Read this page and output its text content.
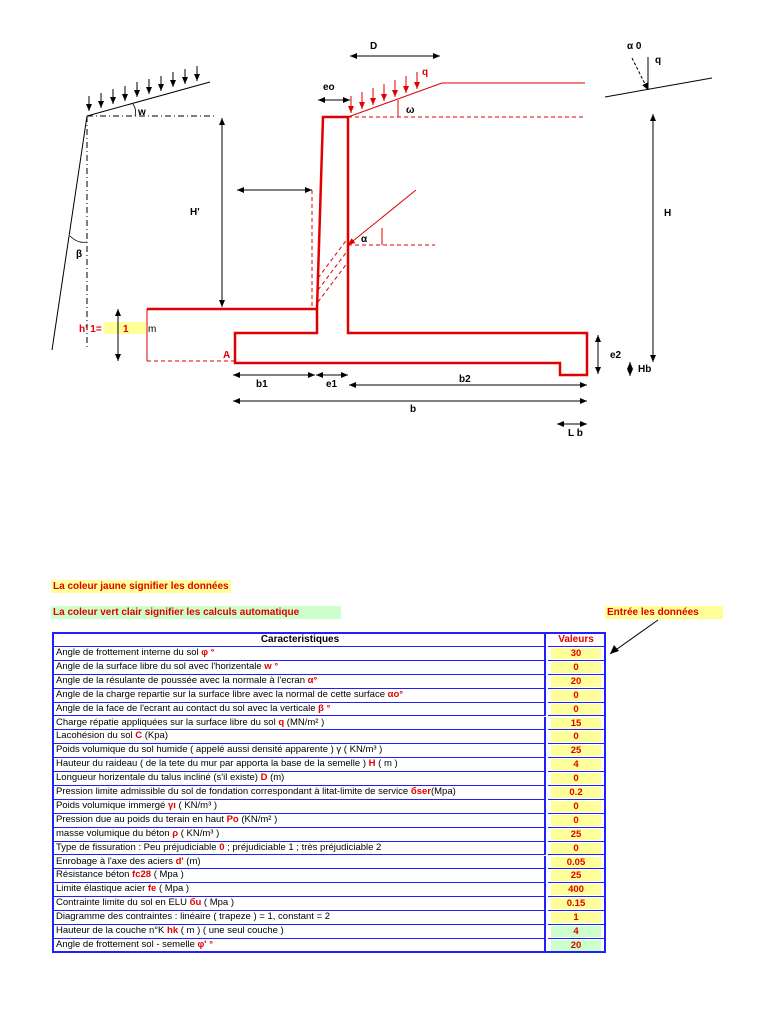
w
β
H'
D
eo
q
ω
α
α 0
q
H
e2
Hb
h' 1= 1 m
A
b1	e1	b2
b
L b
La coleur jaune signifier les données
La coleur vert clair signifier les calculs automatique	Entrée les données
Caracteristiques	Valeurs
Angle de frottement interne du sol φ °	30
Angle de la surface libre du sol avec l'horizentale w °	0
Angle de la résulante de poussée avec la normale à l'ecran α°	20
Angle de la charge repartie sur la surface libre avec la normal de cette surface αo°	0
Angle de la face de l'ecrant au contact du sol avec la verticale β °	0
Charge répatie appliquées sur la surface libre du sol q (MN/m² )	15
Lacohésion du sol C (Kpa)	0
Poids volumique du sol humide ( appelé aussi densité apparente ) γ ( KN/m³ )	25
Hauteur du raideau ( de la tete du mur par apporta la base de la semelle ) H ( m )	4
Longueur horizentale du talus incliné (s'il existe) D (m)	0
Pression limite admissible du sol de fondation correspondant à litat-limite de service бser(Mpa)	0.2
Poids volumique immergé γı ( KN/m³ )	0
Pression due au poids du terain en haut Po (KN/m² )	0
masse volumique du béton ρ ( KN/m³ )	25
Type de fissuration : Peu préjudiciable 0 ; préjudiciable 1 ; très préjudiciable 2	0
Enrobage à l'axe des aciers d' (m)	0.05
Résistance béton fc28 ( Mpa )	25
Limite élastique acier fe ( Mpa )	400
Contrainte limite du sol en ELU бu ( Mpa )	0.15
Diagramme des contraintes : linéaire ( trapeze ) = 1, constant = 2	1
Hauteur de la couche n°K hk ( m ) ( une seul couche )	4
Angle de frottement sol - semelle φ' °	20
